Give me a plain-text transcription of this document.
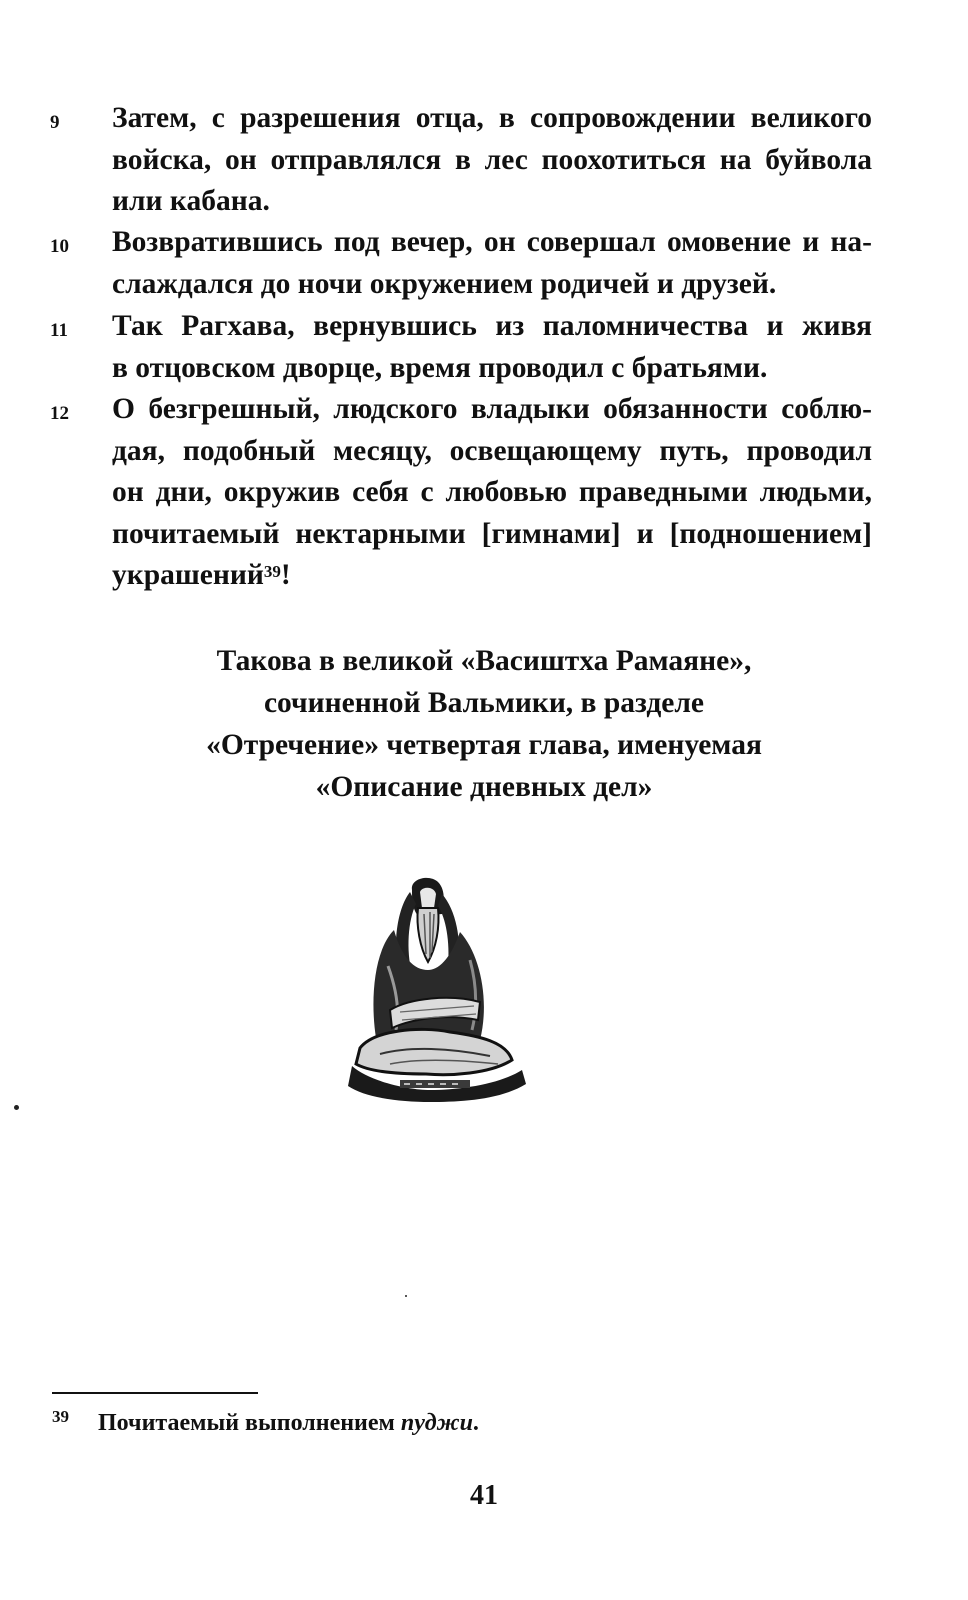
9 Затем, с разрешения отца, в сопровождении великого
войска, он отправлялся в лес поохотиться на буйвола
или кабана.
10 Возвратившись под вечер, он совершал омовение и на-
слаждался до ночи окружением родичей и друзей.
11 Так Рагхава, вернувшись из паломничества и живя
в отцовском дворце, время проводил с братьями.
12 О безгрешный, людского владыки обязанности соблю-
дая, подобный месяцу, освещающему путь, проводил
он дни, окружив себя с любовью праведными людьми,
почитаемый нектарными [гимнами] и [подношением]
украшений$^{39}$!
Такова в великой «Васиштха Рамаяне»,
сочиненной Вальмики, в разделе
«Отречение» четвертая глава, именуемая
«Описание дневных дел»
39 Почитаемый выполнением пуджи.
41
